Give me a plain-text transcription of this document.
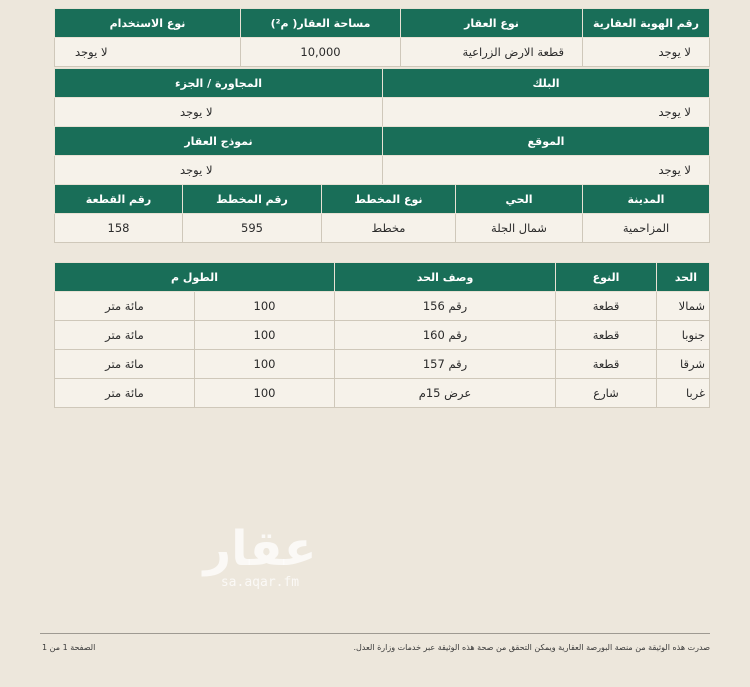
رقم الهوية العقارية	نوع العقار	مساحة العقار( م²)	نوع الاستخدام
لا يوجد	قطعة الارض الزراعية	10,000	لا يوجد
البلك	المجاورة / الجزء
لا يوجد	لا يوجد
الموقع	نموذج العقار
لا يوجد	لا يوجد
المدينة	الحي	نوع المخطط	رقم المخطط	رقم القطعة
المزاحمية	شمال الجلة	مخطط	595	158
الحد	النوع	وصف الحد	الطول م	
شمالا	قطعة	رقم 156	100	مائة متر
جنوبا	قطعة	رقم 160	100	مائة متر
شرقا	قطعة	رقم 157	100	مائة متر
غربا	شارع	عرض 15م	100	مائة متر
عقار
sa.aqar.fm
صدرت هذه الوثيقة من منصة البورصة العقارية ويمكن التحقق من صحة هذه الوثيقة عبر خدمات وزارة العدل.
الصفحة 1 من 1
